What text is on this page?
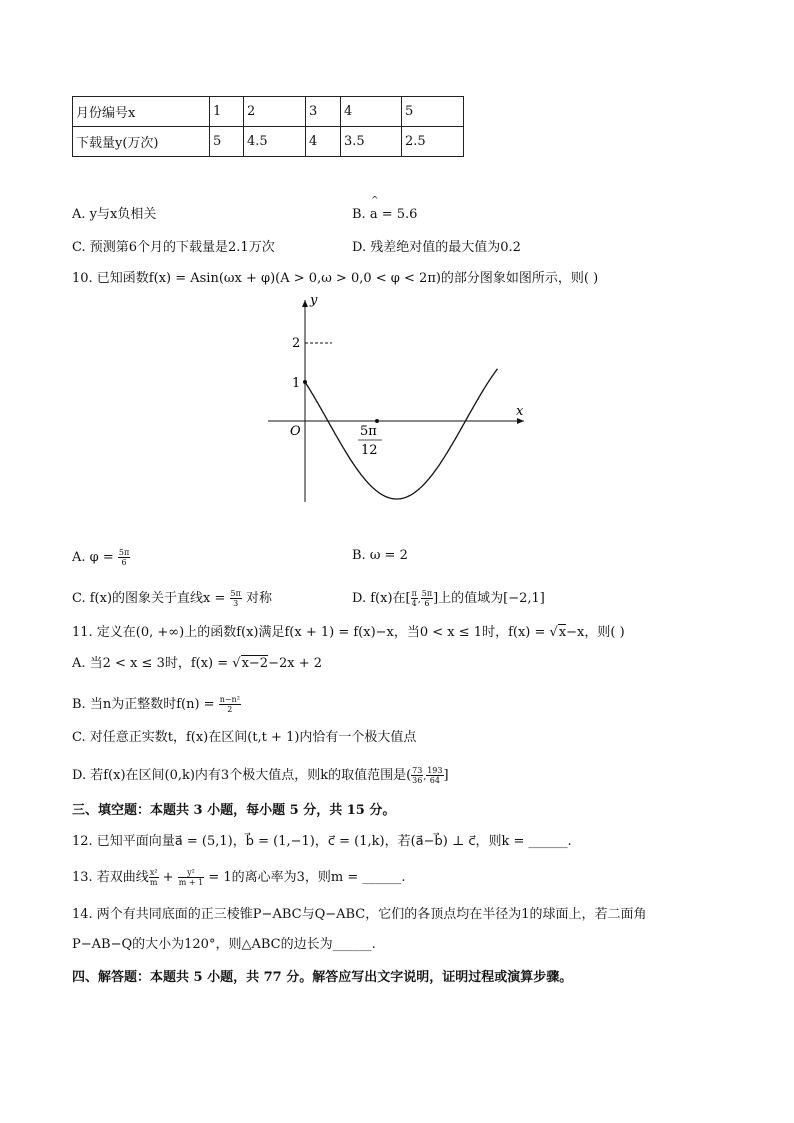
月份编号x	1	2	3	4	5
下载量y(万次)	5	4.5	4	3.5	2.5
A. y与x负相关
^
B. a = 5.6
C. 预测第6个月的下载量是2.1万次	D. 残差绝对值的最大值为0.2
10. 已知函数f(x) = Asin(ωx + φ)(A > 0,ω > 0,0 < φ < 2π)的部分图象如图所示，则( )
y
x
O
2
1
5π
12
A. $\varphi = \frac{5\pi}{6}$	B. ω = 2
C. f(x)的图象关于直线$x = \frac{5\pi}{3}$ 对称	D. f(x)在[ $\frac{\pi}{4}$ , $\frac{5\pi}{6}$ ]上的值域为[−2,1]
11. 定义在(0, +∞)上的函数f(x)满足f(x + 1) = f(x)−x，当0 < x ≤ 1时，f(x) = √x−x，则( )
A. 当2 < x ≤ 3时，f(x) = √x−2−2x + 2
B. 当n为正整数时$f(n) = \frac{\text{n−n²}}{2}$
C. 对任意正实数t，f(x)在区间(t,t + 1)内恰有一个极大值点
D. 若f(x)在区间(0,k)内有3个极大值点，则k的取值范围是( $\frac{73}{36}$ , $\frac{193}{64}$ ]
三、填空题：本题共 3 小题，每小题 5 分，共 15 分。
12. 已知平面向量a⃗ = (5,1)，b⃗ = (1,−1)，c⃗ = (1,k)，若(a⃗−b⃗) ⊥ c⃗，则k = ______.
13. 若双曲线 $\frac{\text{x²}}{m} + \frac{\text{y²}}{m + 1} = 1$的离心率为3，则m = ______.
14. 两个有共同底面的正三棱锥P−ABC与Q−ABC，它们的各顶点均在半径为1的球面上，若二面角
P−AB−Q的大小为120°，则△ABC的边长为______.
四、解答题：本题共 5 小题，共 77 分。解答应写出文字说明，证明过程或演算步骤。
